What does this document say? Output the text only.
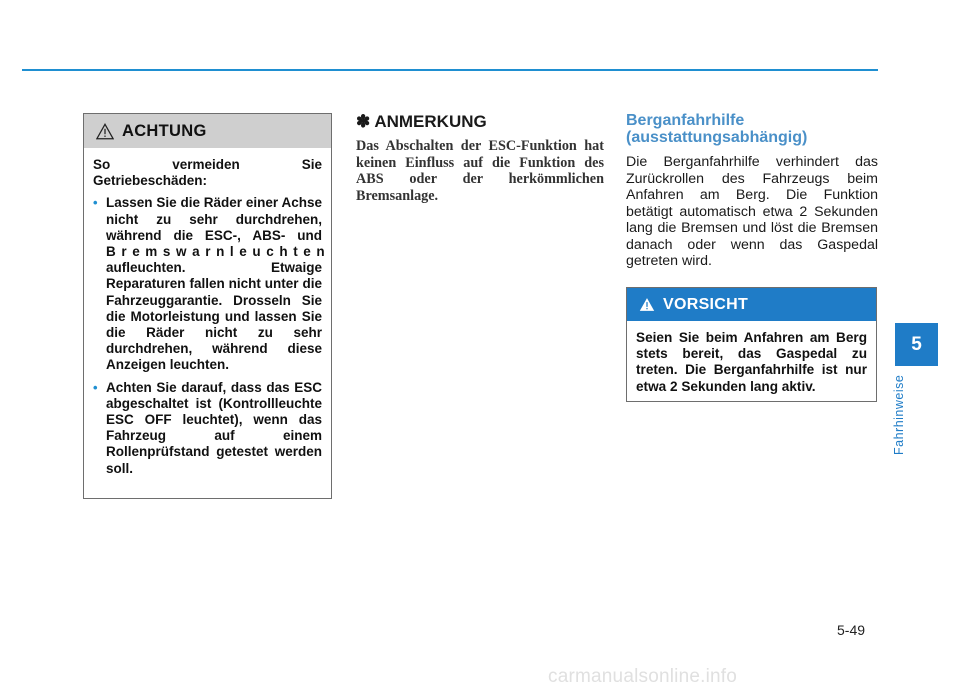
ACHTUNG

So vermeiden Sie Getriebeschäden:

• Lassen Sie die Räder einer Achse nicht zu sehr durchdrehen, während die ESC-, ABS- und Bremswarnleuchten aufleuchten. Etwaige Reparaturen fallen nicht unter die Fahrzeuggarantie. Drosseln Sie die Motorleistung und lassen Sie die Räder nicht zu sehr durchdrehen, während diese Anzeigen leuchten.
• Achten Sie darauf, dass das ESC abgeschaltet ist (Kontrollleuchte ESC OFF leuchtet), wenn das Fahrzeug auf einem Rollenprüfstand getestet werden soll.
✽ ANMERKUNG

Das Abschalten der ESC-Funktion hat keinen Einfluss auf die Funktion des ABS oder der herkömmlichen Bremsanlage.

Berganfahrhilfe
(ausstattungsabhängig)

Die Berganfahrhilfe verhindert das Zurückrollen des Fahrzeugs beim Anfahren am Berg. Die Funktion betätigt automatisch etwa 2 Sekunden lang die Bremsen und löst die Bremsen danach oder wenn das Gaspedal getreten wird.

VORSICHT
Seien Sie beim Anfahren am Berg stets bereit, das Gaspedal zu treten. Die Berganfahrhilfe ist nur etwa 2 Sekunden lang aktiv.
5
Fahrhinweise
5-49
carmanualsonline.info
